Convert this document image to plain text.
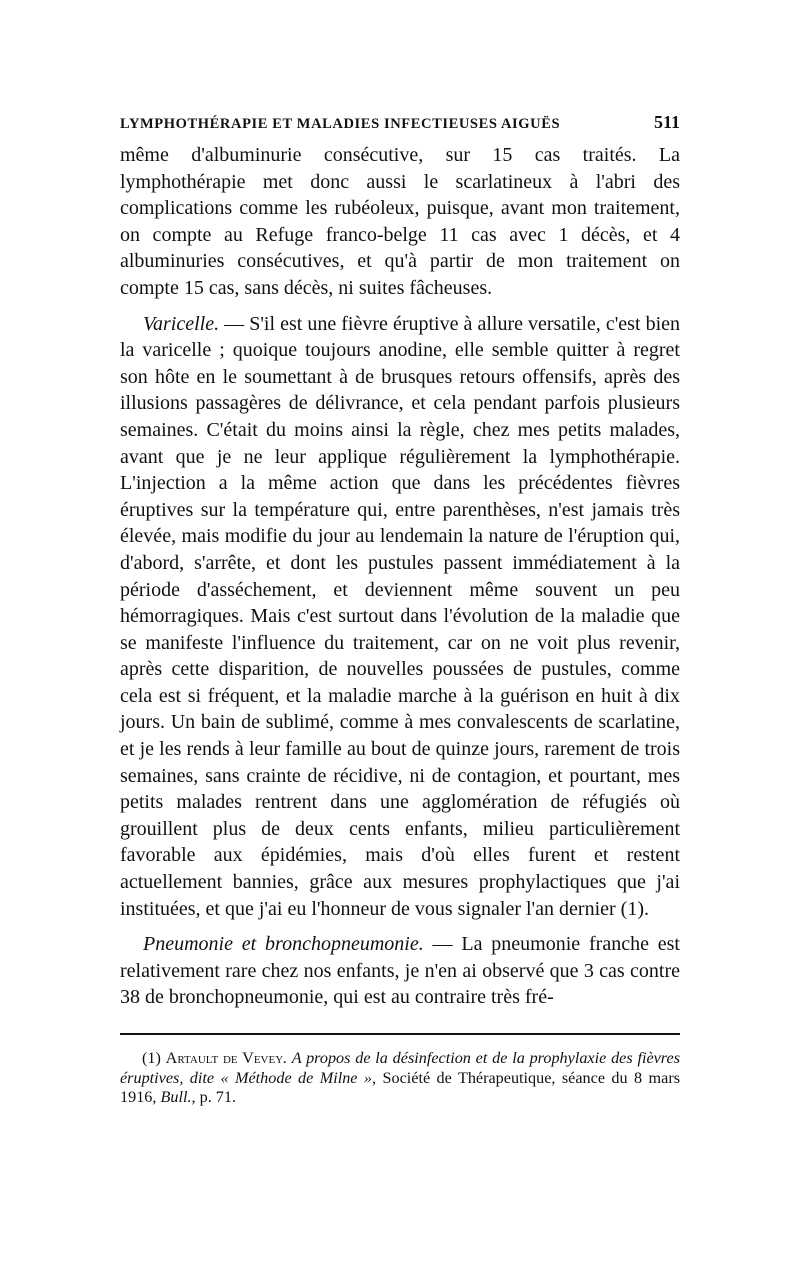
LYMPHOTHÉRAPIE ET MALADIES INFECTIEUSES AIGUËS	511

même d'albuminurie consécutive, sur 15 cas traités. La lymphothérapie met donc aussi le scarlatineux à l'abri des complications comme les rubéoleux, puisque, avant mon traitement, on compte au Refuge franco-belge 11 cas avec 1 décès, et 4 albuminuries consécutives, et qu'à partir de mon traitement on compte 15 cas, sans décès, ni suites fâcheuses.

Varicelle. — S'il est une fièvre éruptive à allure versatile, c'est bien la varicelle ; quoique toujours anodine, elle semble quitter à regret son hôte en le soumettant à de brusques retours offensifs, après des illusions passagères de délivrance, et cela pendant parfois plusieurs semaines. C'était du moins ainsi la règle, chez mes petits malades, avant que je ne leur applique régulièrement la lymphothérapie. L'injection a la même action que dans les précédentes fièvres éruptives sur la température qui, entre parenthèses, n'est jamais très élevée, mais modifie du jour au lendemain la nature de l'éruption qui, d'abord, s'arrête, et dont les pustules passent immédiatement à la période d'asséchement, et deviennent même souvent un peu hémorragiques. Mais c'est surtout dans l'évolution de la maladie que se manifeste l'influence du traitement, car on ne voit plus revenir, après cette disparition, de nouvelles poussées de pustules, comme cela est si fréquent, et la maladie marche à la guérison en huit à dix jours. Un bain de sublimé, comme à mes convalescents de scarlatine, et je les rends à leur famille au bout de quinze jours, rarement de trois semaines, sans crainte de récidive, ni de contagion, et pourtant, mes petits malades rentrent dans une agglomération de réfugiés où grouillent plus de deux cents enfants, milieu particulièrement favorable aux épidémies, mais d'où elles furent et restent actuellement bannies, grâce aux mesures prophylactiques que j'ai instituées, et que j'ai eu l'honneur de vous signaler l'an dernier (1).

Pneumonie et bronchopneumonie. — La pneumonie franche est relativement rare chez nos enfants, je n'en ai observé que 3 cas contre 38 de bronchopneumonie, qui est au contraire très fré-

(1) Artault de Vevey. A propos de la désinfection et de la prophylaxie des fièvres éruptives, dite « Méthode de Milne », Société de Thérapeutique, séance du 8 mars 1916, Bull., p. 71.
